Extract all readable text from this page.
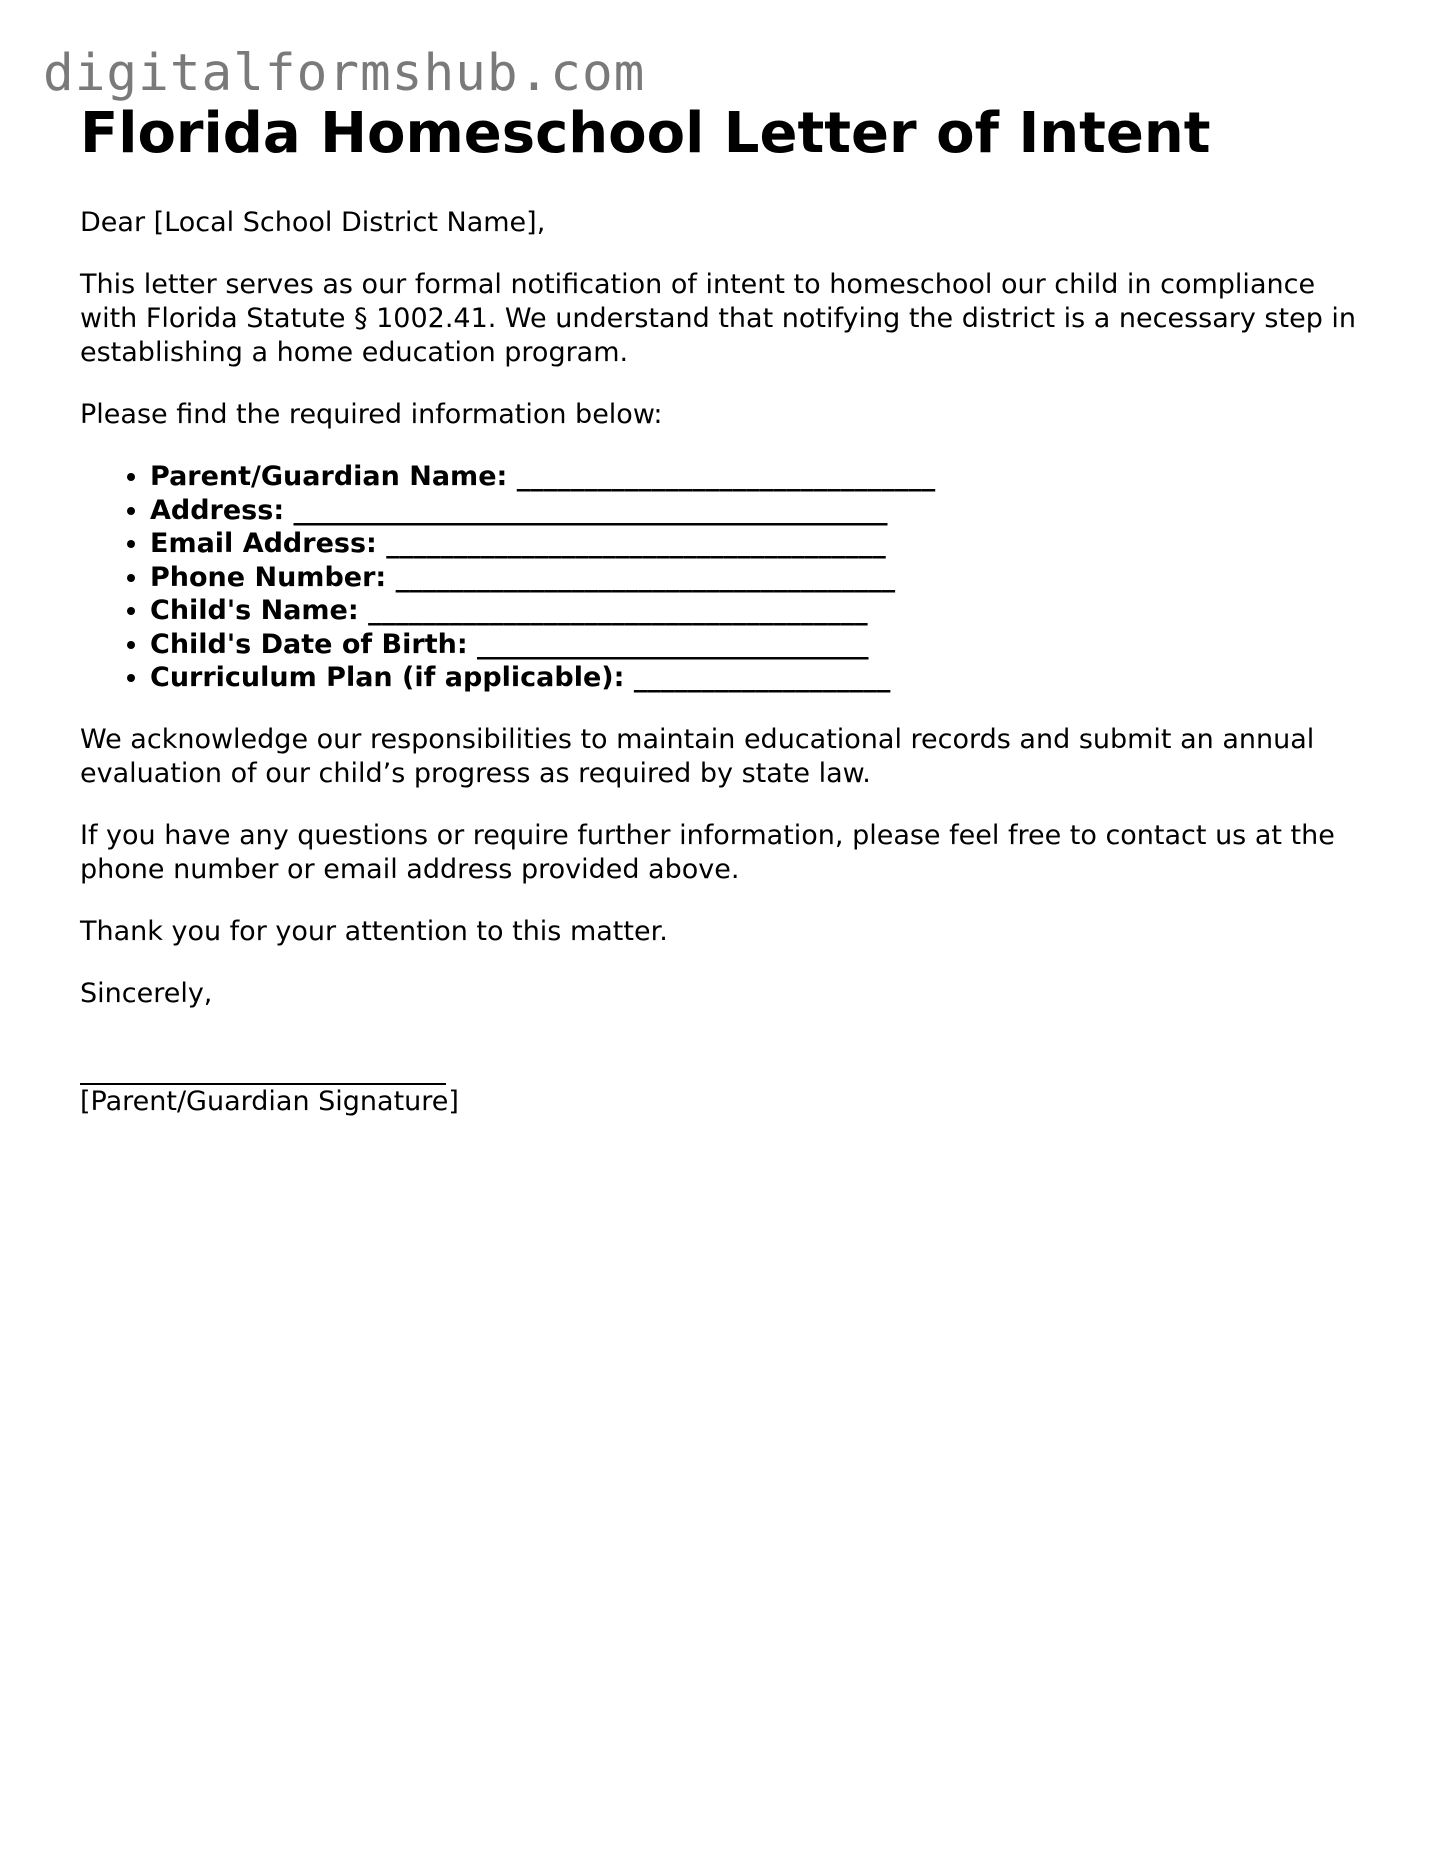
digitalformshub.com
Florida Homeschool Letter of Intent

Dear [Local School District Name],

This letter serves as our formal notification of intent to homeschool our child in compliance with Florida Statute § 1002.41. We understand that notifying the district is a necessary step in establishing a home education program.

Please find the required information below:

• Parent/Guardian Name: _______________________________
• Address: ____________________________________________
• Email Address: _____________________________________
• Phone Number: _____________________________________
• Child's Name: _____________________________________
• Child's Date of Birth: _____________________________
• Curriculum Plan (if applicable): ___________________

We acknowledge our responsibilities to maintain educational records and submit an annual evaluation of our child’s progress as required by state law.

If you have any questions or require further information, please feel free to contact us at the phone number or email address provided above.

Thank you for your attention to this matter.

Sincerely,

[Parent/Guardian Signature]
